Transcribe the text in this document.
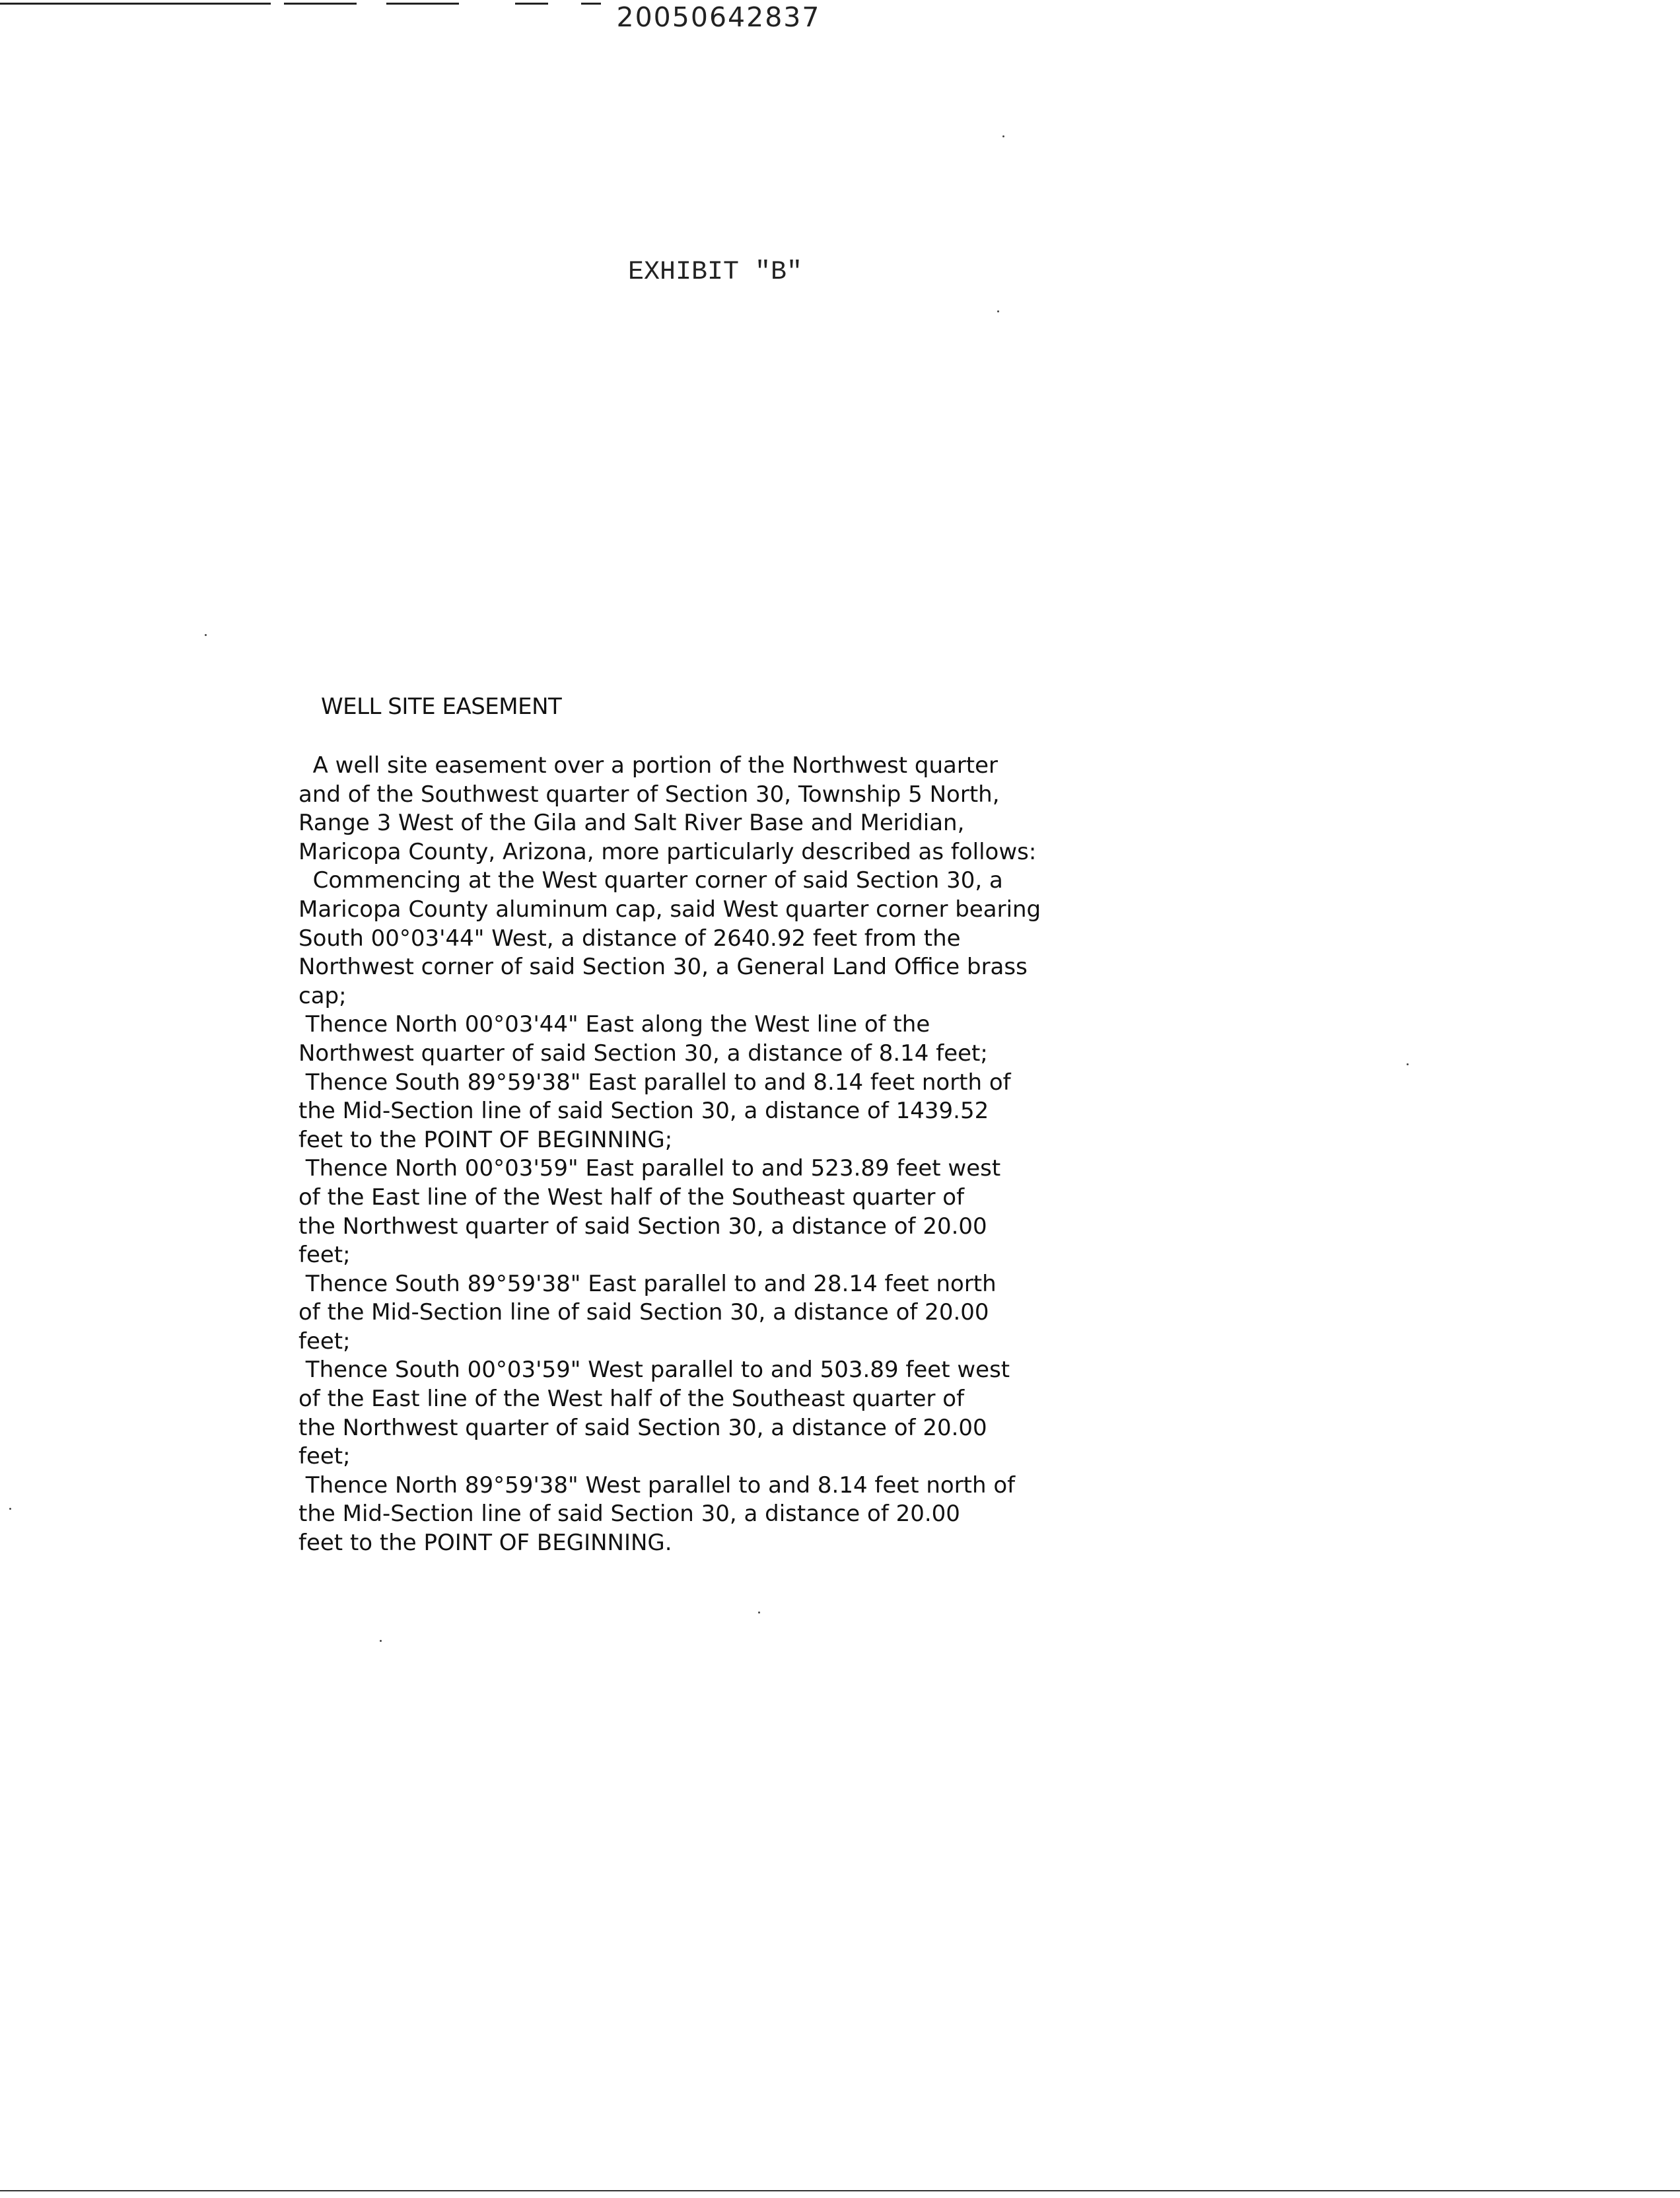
20050642837
EXHIBIT "B"
WELL SITE EASEMENT
A well site easement over a portion of the Northwest quarter
and of the Southwest quarter of Section 30, Township 5 North,
Range 3 West of the Gila and Salt River Base and Meridian,
Maricopa County, Arizona, more particularly described as follows:
Commencing at the West quarter corner of said Section 30, a
Maricopa County aluminum cap, said West quarter corner bearing
South 00°03'44" West, a distance of 2640.92 feet from the
Northwest corner of said Section 30, a General Land Office brass
cap;
Thence North 00°03'44" East along the West line of the
Northwest quarter of said Section 30, a distance of 8.14 feet;
Thence South 89°59'38" East parallel to and 8.14 feet north of
the Mid-Section line of said Section 30, a distance of 1439.52
feet to the POINT OF BEGINNING;
Thence North 00°03'59" East parallel to and 523.89 feet west
of the East line of the West half of the Southeast quarter of
the Northwest quarter of said Section 30, a distance of 20.00
feet;
Thence South 89°59'38" East parallel to and 28.14 feet north
of the Mid-Section line of said Section 30, a distance of 20.00
feet;
Thence South 00°03'59" West parallel to and 503.89 feet west
of the East line of the West half of the Southeast quarter of
the Northwest quarter of said Section 30, a distance of 20.00
feet;
Thence North 89°59'38" West parallel to and 8.14 feet north of
the Mid-Section line of said Section 30, a distance of 20.00
feet to the POINT OF BEGINNING.
